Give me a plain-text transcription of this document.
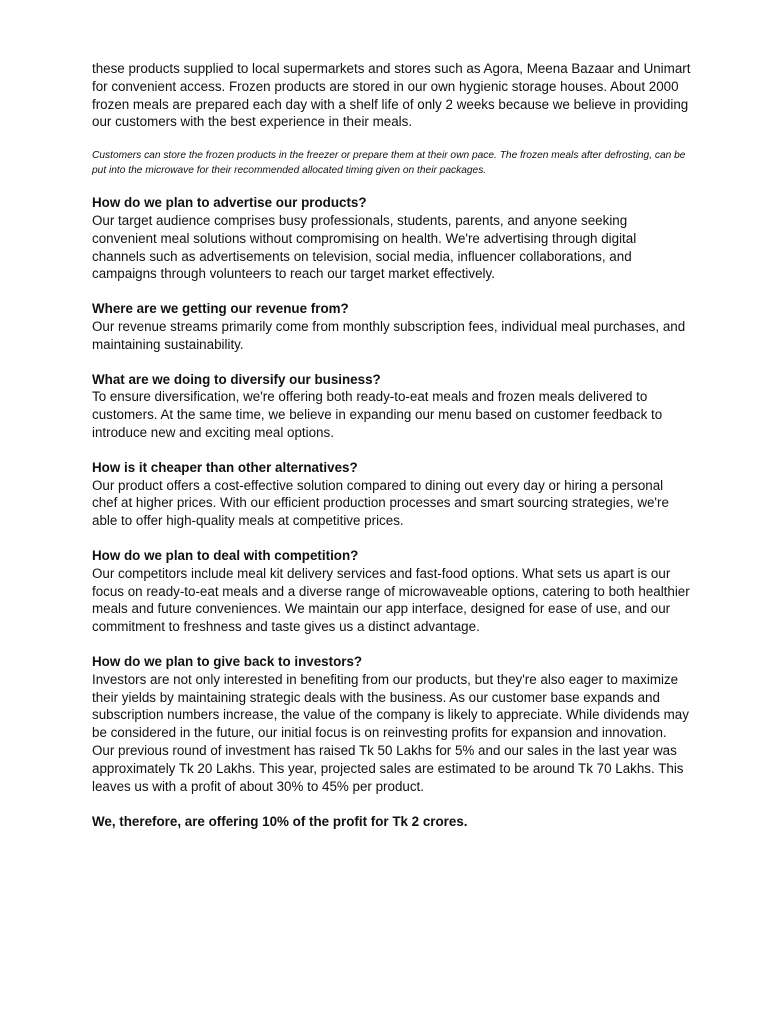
these products supplied to local supermarkets and stores such as Agora, Meena Bazaar and Unimart for convenient access. Frozen products are stored in our own hygienic storage houses. About 2000 frozen meals are prepared each day with a shelf life of only 2 weeks because we believe in providing our customers with the best experience in their meals.

Customers can store the frozen products in the freezer or prepare them at their own pace. The frozen meals after defrosting, can be put into the microwave for their recommended allocated timing given on their packages.

How do we plan to advertise our products?

Our target audience comprises busy professionals, students, parents, and anyone seeking convenient meal solutions without compromising on health. We're advertising through digital channels such as advertisements on television, social media, influencer collaborations, and campaigns through volunteers to reach our target market effectively.

Where are we getting our revenue from?

Our revenue streams primarily come from monthly subscription fees, individual meal purchases, and maintaining sustainability.

What are we doing to diversify our business?

To ensure diversification, we're offering both ready-to-eat meals and frozen meals delivered to customers. At the same time, we believe in expanding our menu based on customer feedback to introduce new and exciting meal options.

How is it cheaper than other alternatives?

Our product offers a cost-effective solution compared to dining out every day or hiring a personal chef at higher prices. With our efficient production processes and smart sourcing strategies, we're able to offer high-quality meals at competitive prices.

How do we plan to deal with competition?

Our competitors include meal kit delivery services and fast-food options. What sets us apart is our focus on ready-to-eat meals and a diverse range of microwaveable options, catering to both healthier meals and future conveniences. We maintain our app interface, designed for ease of use, and our commitment to freshness and taste gives us a distinct advantage.

How do we plan to give back to investors?

Investors are not only interested in benefiting from our products, but they're also eager to maximize their yields by maintaining strategic deals with the business. As our customer base expands and subscription numbers increase, the value of the company is likely to appreciate. While dividends may be considered in the future, our initial focus is on reinvesting profits for expansion and innovation. Our previous round of investment has raised Tk 50 Lakhs for 5% and our sales in the last year was approximately Tk 20 Lakhs. This year, projected sales are estimated to be around Tk 70 Lakhs. This leaves us with a profit of about 30% to 45% per product.

We, therefore, are offering 10% of the profit for Tk 2 crores.
